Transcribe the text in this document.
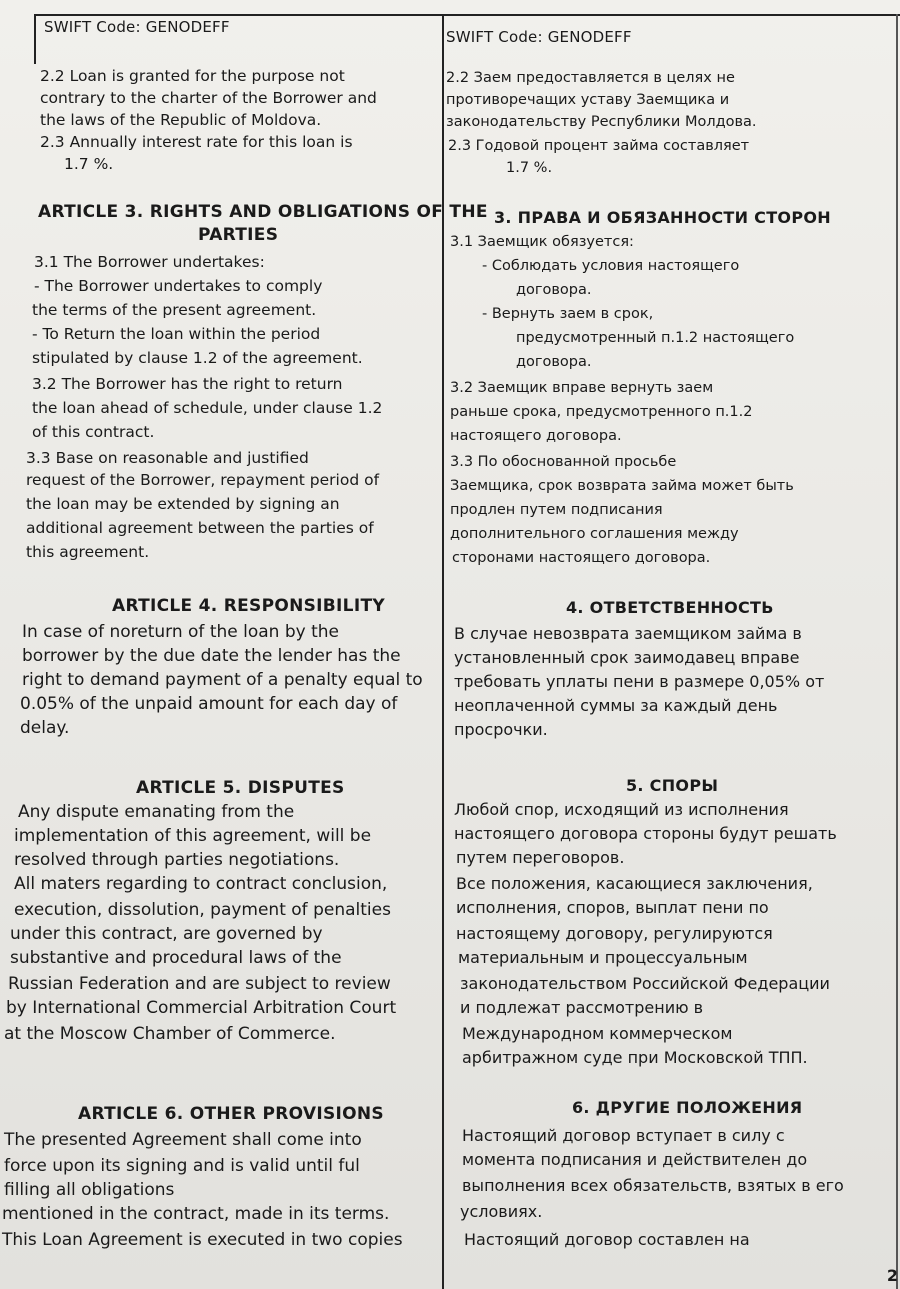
SWIFT Code: GENODEFF
2.2 Loan is granted for the purpose not
contrary to the charter of the Borrower and
the laws of the Republic of Moldova.
2.3 Annually interest rate for this loan is
1.7 %.
ARTICLE 3. RIGHTS AND OBLIGATIONS OF THE
PARTIES
3.1 The Borrower undertakes:
- The Borrower undertakes to comply
the terms of the present agreement.
- To Return the loan within the period
stipulated by clause 1.2 of the agreement.
3.2 The Borrower has the right to return
the loan ahead of schedule, under clause 1.2
of this contract.
3.3 Base on reasonable and justified
request of the Borrower, repayment period of
the loan may be extended by signing an
additional agreement between the parties of
this agreement.
ARTICLE 4. RESPONSIBILITY
In case of noreturn of the loan by the
borrower by the due date the lender has the
right to demand payment of a penalty equal to
0.05% of the unpaid amount for each day of
delay.
ARTICLE 5. DISPUTES
Any dispute emanating from the
implementation of this agreement, will be
resolved through parties negotiations.
All maters regarding to contract conclusion,
execution, dissolution, payment of penalties
under this contract, are governed by
substantive and procedural laws of the
Russian Federation and are subject to review
by International Commercial Arbitration Court
at the Moscow Chamber of Commerce.
ARTICLE 6. OTHER PROVISIONS
The presented Agreement shall come into
force upon its signing and is valid until ful
filling all obligations
mentioned in the contract, made in its terms.
This Loan Agreement is executed in two copies
SWIFT Code: GENODEFF
2.2 Заем предоставляется в целях не
противоречащих уставу Заемщика и
законодательству Республики Молдова.
2.3 Годовой процент займа составляет
1.7 %.
3. ПРАВА И ОБЯЗАННОСТИ СТОРОН
3.1 Заемщик обязуется:
- Соблюдать условия настоящего
договора.
- Вернуть заем в срок,
предусмотренный п.1.2 настоящего
договора.
3.2 Заемщик вправе вернуть заем
раньше срока, предусмотренного п.1.2
настоящего договора.
3.3 По обоснованной просьбе
Заемщика, срок возврата займа может быть
продлен путем подписания
дополнительного соглашения между
сторонами настоящего договора.
4. ОТВЕТСТВЕННОСТЬ
В случае невозврата заемщиком займа в
установленный срок заимодавец вправе
требовать уплаты пени в размере 0,05% от
неоплаченной суммы за каждый день
просрочки.
5. СПОРЫ
Любой спор, исходящий из исполнения
настоящего договора стороны будут решать
путем переговоров.
Все положения, касающиеся заключения,
исполнения, споров, выплат пени по
настоящему договору, регулируются
материальным и процессуальным
законодательством Российской Федерации
и подлежат рассмотрению в
Международном коммерческом
арбитражном суде при Московской ТПП.
6. ДРУГИЕ ПОЛОЖЕНИЯ
Настоящий договор вступает в силу с
момента подписания и действителен до
выполнения всех обязательств, взятых в его
условиях.
Настоящий договор составлен на
2
